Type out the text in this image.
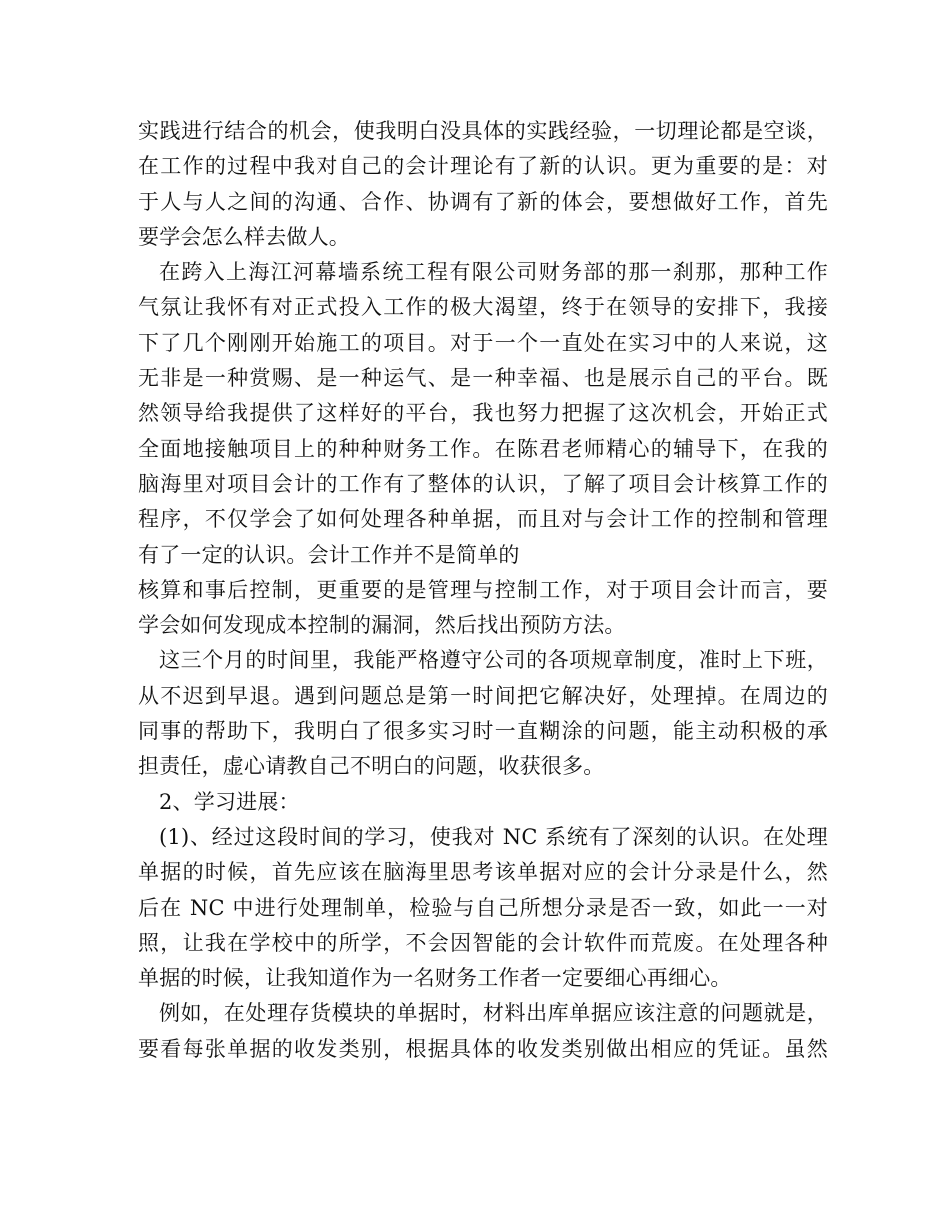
实践进行结合的机会，使我明白没具体的实践经验，一切理论都是空谈，
在工作的过程中我对自己的会计理论有了新的认识。更为重要的是：对
于人与人之间的沟通、合作、协调有了新的体会，要想做好工作，首先
要学会怎么样去做人。
在跨入上海江河幕墙系统工程有限公司财务部的那一刹那，那种工作
气氛让我怀有对正式投入工作的极大渴望，终于在领导的安排下，我接
下了几个刚刚开始施工的项目。对于一个一直处在实习中的人来说，这
无非是一种赏赐、是一种运气、是一种幸福、也是展示自己的平台。既
然领导给我提供了这样好的平台，我也努力把握了这次机会，开始正式
全面地接触项目上的种种财务工作。在陈君老师精心的辅导下，在我的
脑海里对项目会计的工作有了整体的认识，了解了项目会计核算工作的
程序，不仅学会了如何处理各种单据，而且对与会计工作的控制和管理
有了一定的认识。会计工作并不是简单的
核算和事后控制，更重要的是管理与控制工作，对于项目会计而言，要
学会如何发现成本控制的漏洞，然后找出预防方法。
这三个月的时间里，我能严格遵守公司的各项规章制度，准时上下班，
从不迟到早退。遇到问题总是第一时间把它解决好，处理掉。在周边的
同事的帮助下，我明白了很多实习时一直糊涂的问题，能主动积极的承
担责任，虚心请教自己不明白的问题，收获很多。
2、学习进展：
(1)、经过这段时间的学习，使我对 NC 系统有了深刻的认识。在处理
单据的时候，首先应该在脑海里思考该单据对应的会计分录是什么，然
后在 NC 中进行处理制单，检验与自己所想分录是否一致，如此一一对
照，让我在学校中的所学，不会因智能的会计软件而荒废。在处理各种
单据的时候，让我知道作为一名财务工作者一定要细心再细心。
例如，在处理存货模块的单据时，材料出库单据应该注意的问题就是，
要看每张单据的收发类别，根据具体的收发类别做出相应的凭证。虽然
